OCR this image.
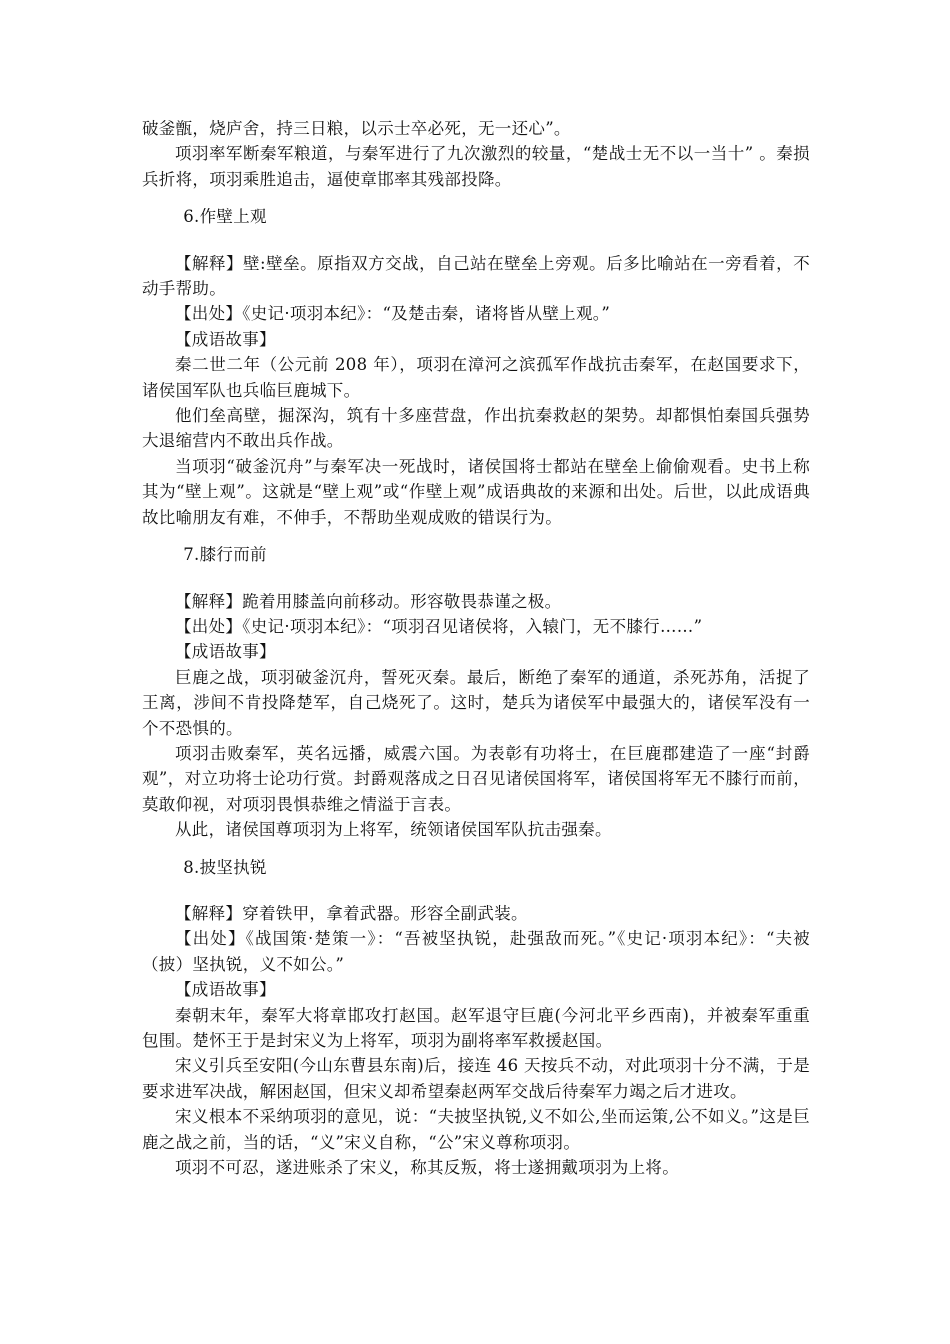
破釜甑，烧庐舍，持三日粮，以示士卒必死，无一还心”。

项羽率军断秦军粮道，与秦军进行了九次激烈的较量，“楚战士无不以一当十” 。秦损兵折将，项羽乘胜追击，逼使章邯率其残部投降。

6.作壁上观

【解释】壁:壁垒。原指双方交战，自己站在壁垒上旁观。后多比喻站在一旁看着，不动手帮助。

【出处】《史记·项羽本纪》：“及楚击秦，诸将皆从壁上观。”

【成语故事】

秦二世二年（公元前 208 年），项羽在漳河之滨孤军作战抗击秦军，在赵国要求下，诸侯国军队也兵临巨鹿城下。

他们垒高壁，掘深沟，筑有十多座营盘，作出抗秦救赵的架势。却都惧怕秦国兵强势大退缩营内不敢出兵作战。

当项羽“破釜沉舟”与秦军决一死战时，诸侯国将士都站在壁垒上偷偷观看。史书上称其为“壁上观”。这就是“壁上观”或“作壁上观”成语典故的来源和出处。后世，以此成语典故比喻朋友有难，不伸手，不帮助坐观成败的错误行为。

7.膝行而前

【解释】跪着用膝盖向前移动。形容敬畏恭谨之极。

【出处】《史记·项羽本纪》：“项羽召见诸侯将，入辕门，无不膝行……”

【成语故事】

巨鹿之战，项羽破釜沉舟，誓死灭秦。最后，断绝了秦军的通道，杀死苏角，活捉了王离，涉间不肯投降楚军，自己烧死了。这时，楚兵为诸侯军中最强大的，诸侯军没有一个不恐惧的。

项羽击败秦军，英名远播，威震六国。为表彰有功将士，在巨鹿郡建造了一座“封爵观”，对立功将士论功行赏。封爵观落成之日召见诸侯国将军，诸侯国将军无不膝行而前，莫敢仰视，对项羽畏惧恭维之情溢于言表。

从此，诸侯国尊项羽为上将军，统领诸侯国军队抗击强秦。

8.披坚执锐

【解释】穿着铁甲，拿着武器。形容全副武装。

【出处】《战国策·楚策一》：“吾被坚执锐，赴强敌而死。”《史记·项羽本纪》：“夫被（披）坚执锐，义不如公。”

【成语故事】

秦朝末年，秦军大将章邯攻打赵国。赵军退守巨鹿(今河北平乡西南)，并被秦军重重包围。楚怀王于是封宋义为上将军，项羽为副将率军救援赵国。

宋义引兵至安阳(今山东曹县东南)后，接连 46 天按兵不动，对此项羽十分不满，于是要求进军决战，解困赵国，但宋义却希望秦赵两军交战后待秦军力竭之后才进攻。

宋义根本不采纳项羽的意见，说：“夫披坚执锐,义不如公,坐而运策,公不如义。”这是巨鹿之战之前，当的话，“义”宋义自称，“公”宋义尊称项羽。

项羽不可忍，遂进账杀了宋义，称其反叛，将士遂拥戴项羽为上将。
